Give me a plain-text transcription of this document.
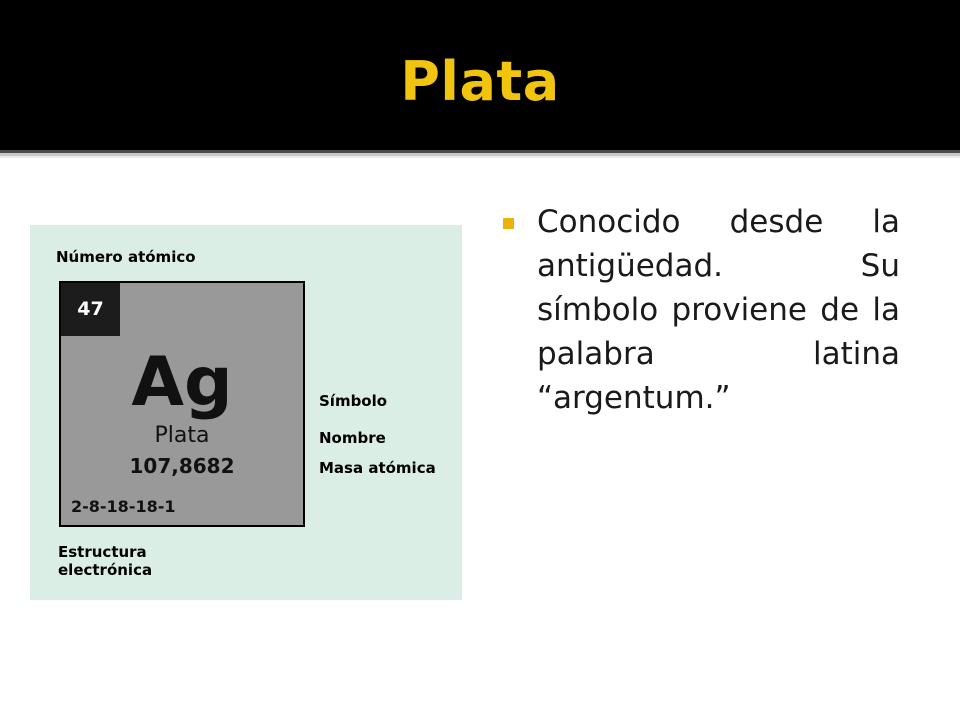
Plata
Número atómico
47
Ag
Plata
107,8682
2-8-18-18-1
Símbolo
Nombre
Masa atómica
Estructura
electrónica
Conocido desde la antigüedad. Su símbolo proviene de la palabra latina “argentum.”
